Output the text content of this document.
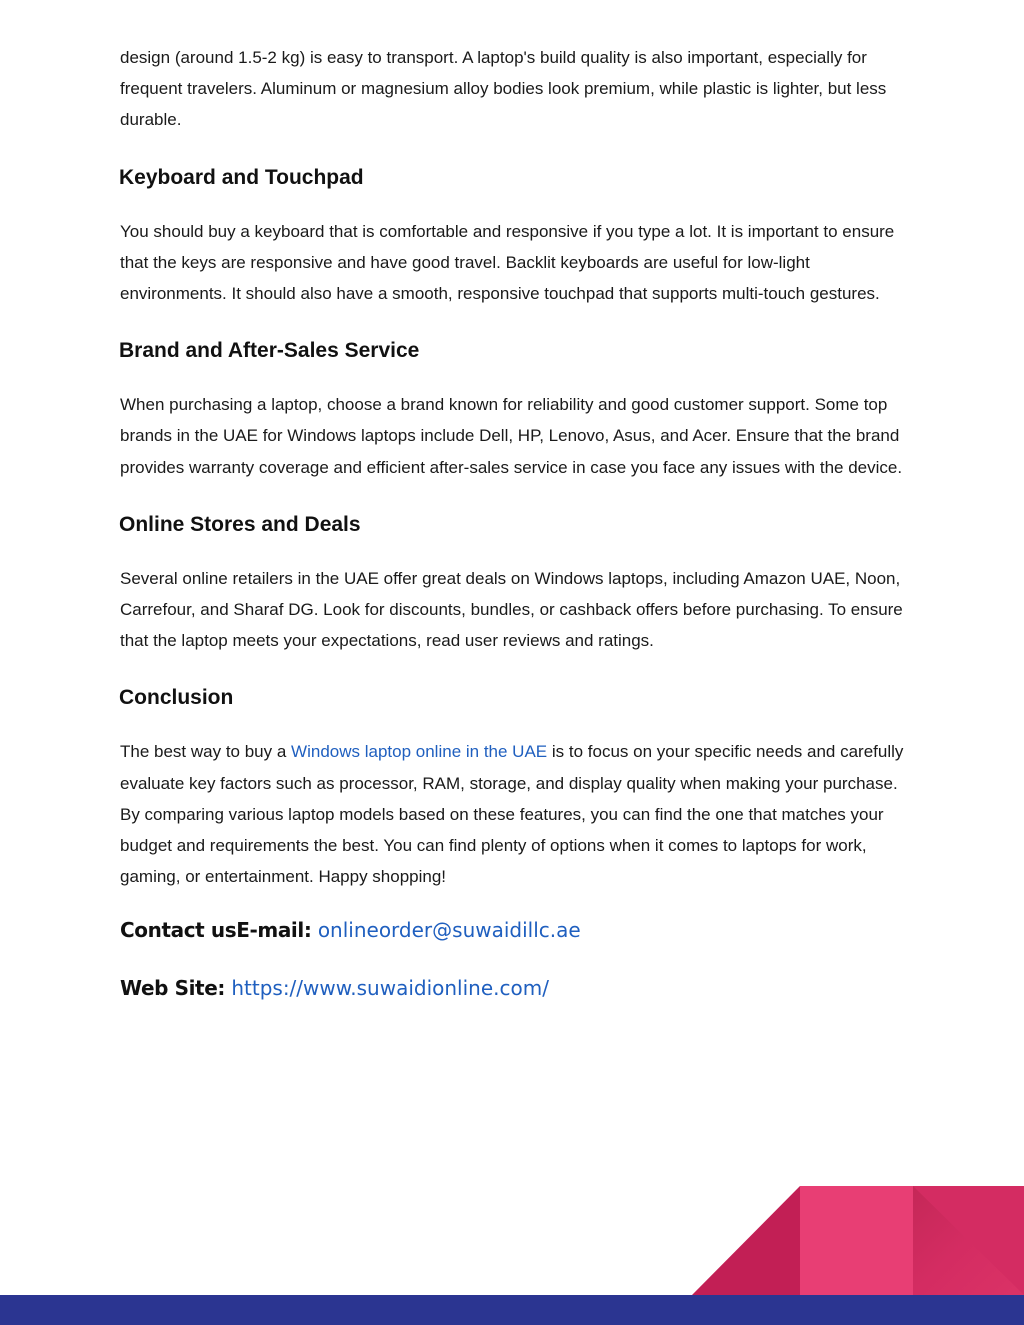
design (around 1.5-2 kg) is easy to transport. A laptop's build quality is also important, especially for frequent travelers. Aluminum or magnesium alloy bodies look premium, while plastic is lighter, but less durable.

Keyboard and Touchpad

You should buy a keyboard that is comfortable and responsive if you type a lot. It is important to ensure that the keys are responsive and have good travel. Backlit keyboards are useful for low-light environments. It should also have a smooth, responsive touchpad that supports multi-touch gestures.

Brand and After-Sales Service

When purchasing a laptop, choose a brand known for reliability and good customer support. Some top brands in the UAE for Windows laptops include Dell, HP, Lenovo, Asus, and Acer. Ensure that the brand provides warranty coverage and efficient after-sales service in case you face any issues with the device.

Online Stores and Deals

Several online retailers in the UAE offer great deals on Windows laptops, including Amazon UAE, Noon, Carrefour, and Sharaf DG. Look for discounts, bundles, or cashback offers before purchasing. To ensure that the laptop meets your expectations, read user reviews and ratings.

Conclusion

The best way to buy a Windows laptop online in the UAE is to focus on your specific needs and carefully evaluate key factors such as processor, RAM, storage, and display quality when making your purchase. By comparing various laptop models based on these features, you can find the one that matches your budget and requirements the best. You can find plenty of options when it comes to laptops for work, gaming, or entertainment. Happy shopping!

Contact usE-mail: onlineorder@suwaidillc.ae

Web Site: https://www.suwaidionline.com/
